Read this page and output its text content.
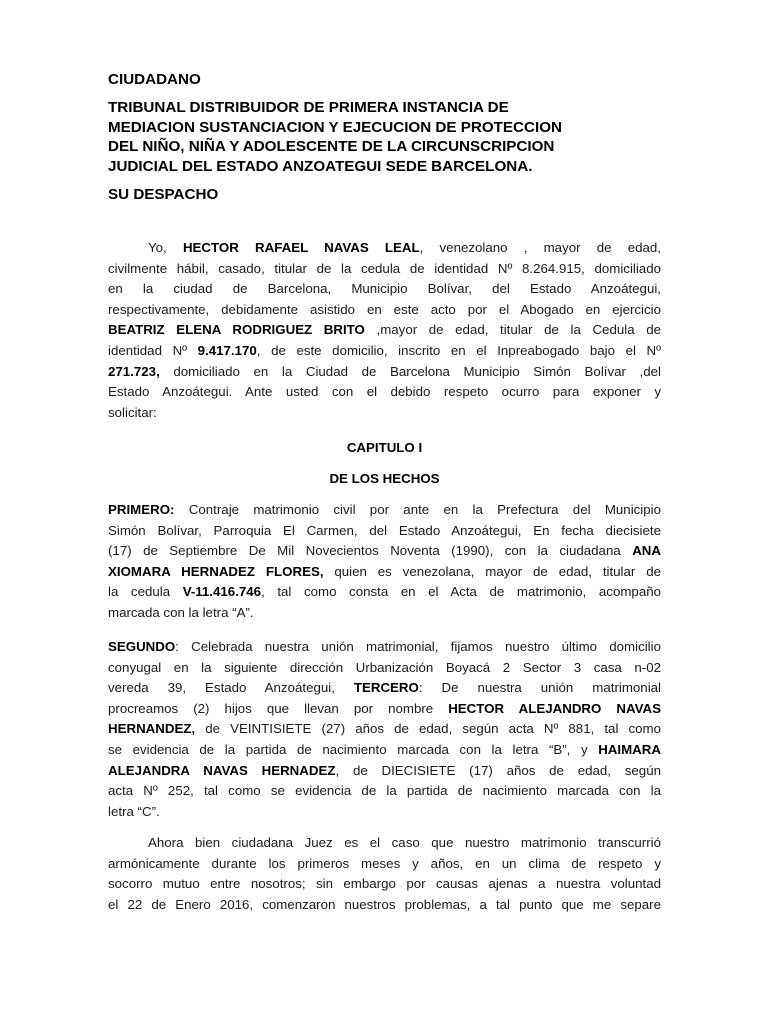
CIUDADANO
TRIBUNAL DISTRIBUIDOR DE PRIMERA INSTANCIA DE
MEDIACION SUSTANCIACION Y EJECUCION DE PROTECCION
DEL NIÑO, NIÑA Y ADOLESCENTE DE LA CIRCUNSCRIPCION
JUDICIAL DEL ESTADO ANZOATEGUI SEDE BARCELONA.
SU DESPACHO
Yo, HECTOR RAFAEL NAVAS LEAL, venezolano , mayor de edad,
civilmente hábil, casado, titular de la cedula de identidad Nº 8.264.915, domiciliado
en la ciudad de Barcelona, Municipio Bolívar, del Estado Anzoátegui,
respectivamente, debidamente asistido en este acto por el Abogado en ejercicio
BEATRIZ ELENA RODRIGUEZ BRITO ,mayor de edad, titular de la Cedula de
identidad Nº 9.417.170, de este domicilio, inscrito en el Inpreabogado bajo el Nº
271.723, domiciliado en la Ciudad de Barcelona Municipio Simón Bolívar ,del
Estado Anzoátegui. Ante usted con el debido respeto ocurro para exponer y
solicitar:
CAPITULO I
DE LOS HECHOS
PRIMERO: Contraje matrimonio civil por ante en la Prefectura del Municipio
Simón Bolívar, Parroquia El Carmen, del Estado Anzoátegui, En fecha diecisiete
(17) de Septiembre De Mil Novecientos Noventa (1990), con la ciudadana ANA
XIOMARA HERNADEZ FLORES, quien es venezolana, mayor de edad, titular de
la cedula V-11.416.746, tal como consta en el Acta de matrimonio, acompaño
marcada con la letra “A”.
SEGUNDO: Celebrada nuestra unión matrimonial, fijamos nuestro último domicilio
conyugal en la siguiente dirección Urbanización Boyacá 2 Sector 3 casa n-02
vereda 39, Estado Anzoátegui, TERCERO: De nuestra unión matrimonial
procreamos (2) hijos que llevan por nombre HECTOR ALEJANDRO NAVAS
HERNANDEZ, de VEINTISIETE (27) años de edad, según acta Nº 881, tal como
se evidencia de la partida de nacimiento marcada con la letra “B”, y HAIMARA
ALEJANDRA NAVAS HERNADEZ, de DIECISIETE (17) años de edad, según
acta Nº 252, tal como se evidencia de la partida de nacimiento marcada con la
letra “C”.
Ahora bien ciudadana Juez es el caso que nuestro matrimonio transcurrió
armónicamente durante los primeros meses y años, en un clima de respeto y
socorro mutuo entre nosotros; sin embargo por causas ajenas a nuestra voluntad
el 22 de Enero 2016, comenzaron nuestros problemas, a tal punto que me separe
